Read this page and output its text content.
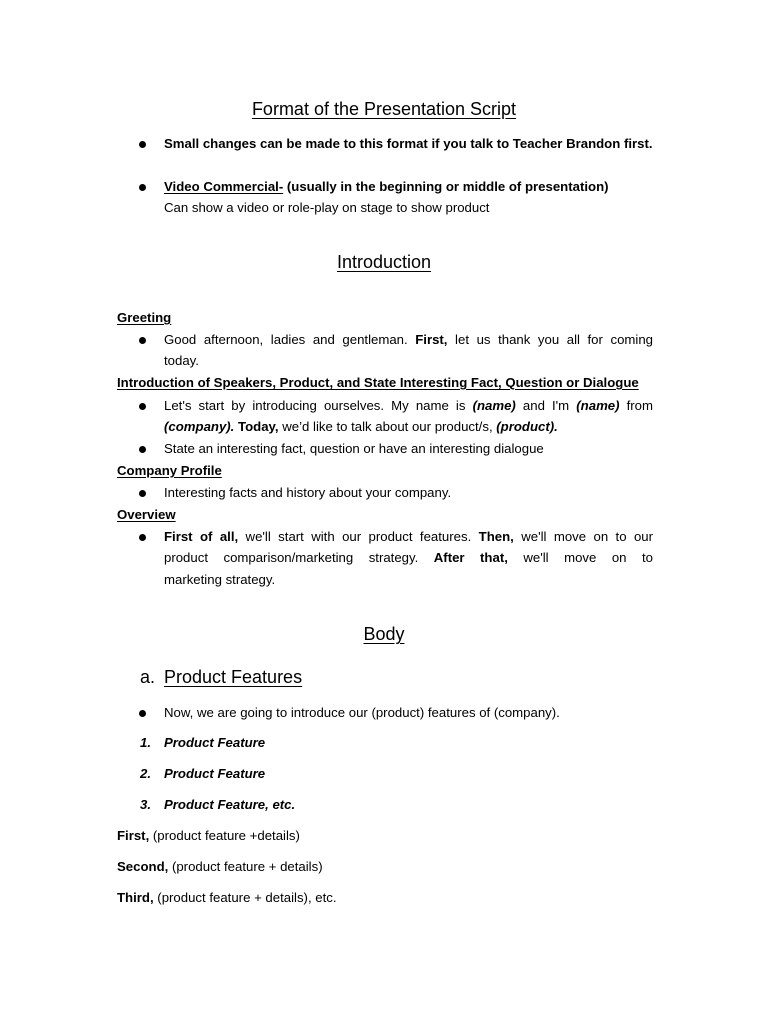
Format of the Presentation Script
Small changes can be made to this format if you talk to Teacher Brandon first.
Video Commercial- (usually in the beginning or middle of presentation)
Can show a video or role-play on stage to show product
Introduction
Greeting
Good afternoon, ladies and gentleman. First, let us thank you all for coming
today.
Introduction of Speakers, Product, and State Interesting Fact, Question or Dialogue
Let's start by introducing ourselves. My name is (name) and I'm (name) from
(company). Today, we’d like to talk about our product/s, (product).
State an interesting fact, question or have an interesting dialogue
Company Profile
Interesting facts and history about your company.
Overview
First of all, we'll start with our product features. Then, we'll move on to our
product comparison/marketing strategy. After that, we'll move on to
marketing strategy.
Body
a. Product Features
Now, we are going to introduce our (product) features of (company).
1. Product Feature
2. Product Feature
3. Product Feature, etc.
First, (product feature +details)
Second, (product feature + details)
Third, (product feature + details), etc.
